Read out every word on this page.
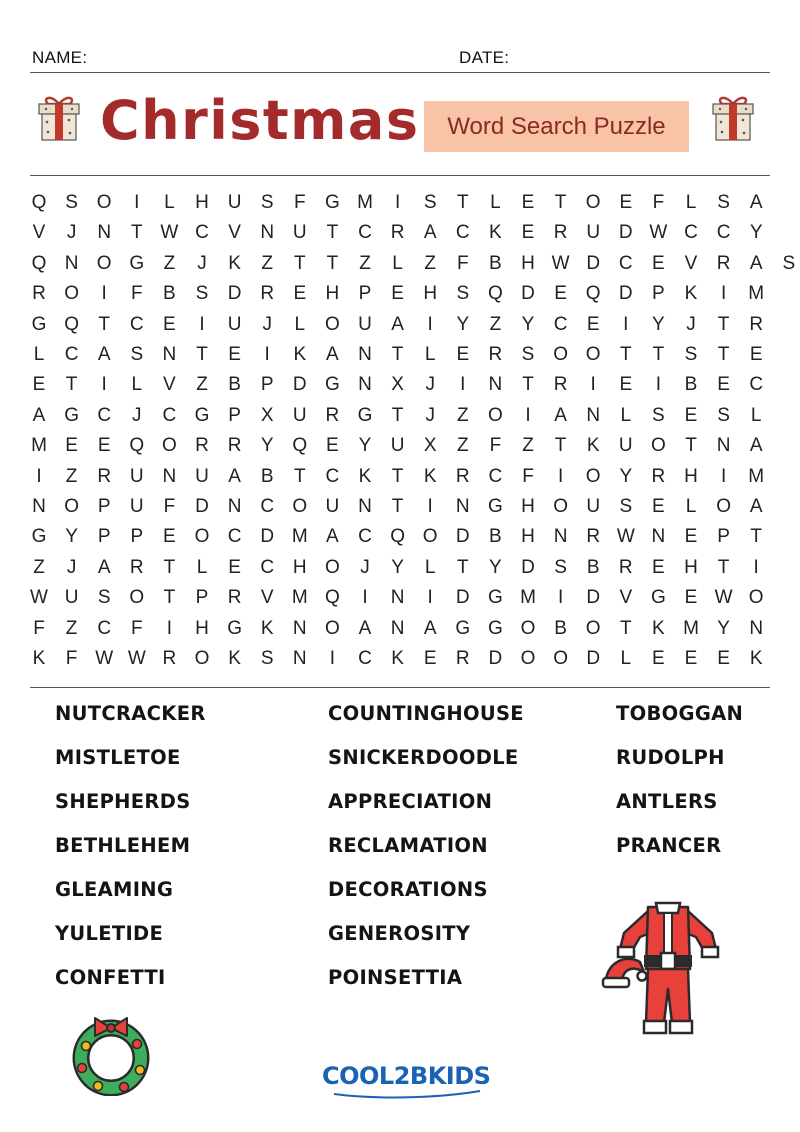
NAME:	DATE:
Christmas	Word Search Puzzle
Q S O	I	L	H U	S	F	G M	I	S	T	L	E	T	O E	F	L	S	A
V	J	N	T W C	V	N U	T	C R	A	C	K	E	R U D W C C	Y
Q N O G	Z	J	K	Z	T	T	Z	L	Z	F	B	H W D C	E	V	R	A	S
R O	I	F	B	S	D R	E	H	P	E	H	S Q D	E Q D	P	K	I	M
G Q	T	C	E	I	U	J	L	O U	A	I	Y	Z	Y	C	E	I	Y	J	T	R
L	C	A	S	N	T	E	I	K	A	N	T	L	E	R	S O O	T	T	S	T	E
E	T	I	L	V	Z	B	P	D G N	X	J	I	N	T	R	I	E	I	B	E	C
A G C	J	C G P	X	U R G	T	J	Z	O	I	A	N	L	S	E	S	L
M E	E Q O R R	Y Q E	Y	U	X	Z	F	Z	T	K	U O	T	N	A
I	Z	R U N U	A	B	T	C	K	T	K	R C	F	I	O Y	R H	I	M
N O P	U	F	D N C O U N	T	I	N G H O U	S	E	L	O A
G Y	P	P	E O C D M A	C Q O D	B	H N R W N	E	P	T
Z	J	A	R	T	L	E	C H O	J	Y	L	T	Y	D	S	B	R	E	H	T	I
W U	S O	T	P	R	V M Q	I	N	I	D G M	I	D	V G E W O
F	Z	C	F	I	H G K	N O A	N	A G G O B O	T	K M Y	N
K	F W W R O K	S	N	I	C	K	E	R D O O D	L	E	E	E	K
NUTCRACKER
MISTLETOE
SHEPHERDS
BETHLEHEM
GLEAMING
YULETIDE
CONFETTI
COUNTINGHOUSE
SNICKERDOODLE
APPRECIATION
RECLAMATION
DECORATIONS
GENEROSITY
POINSETTIA
TOBOGGAN
RUDOLPH
ANTLERS
PRANCER
COOL2BKIDS
